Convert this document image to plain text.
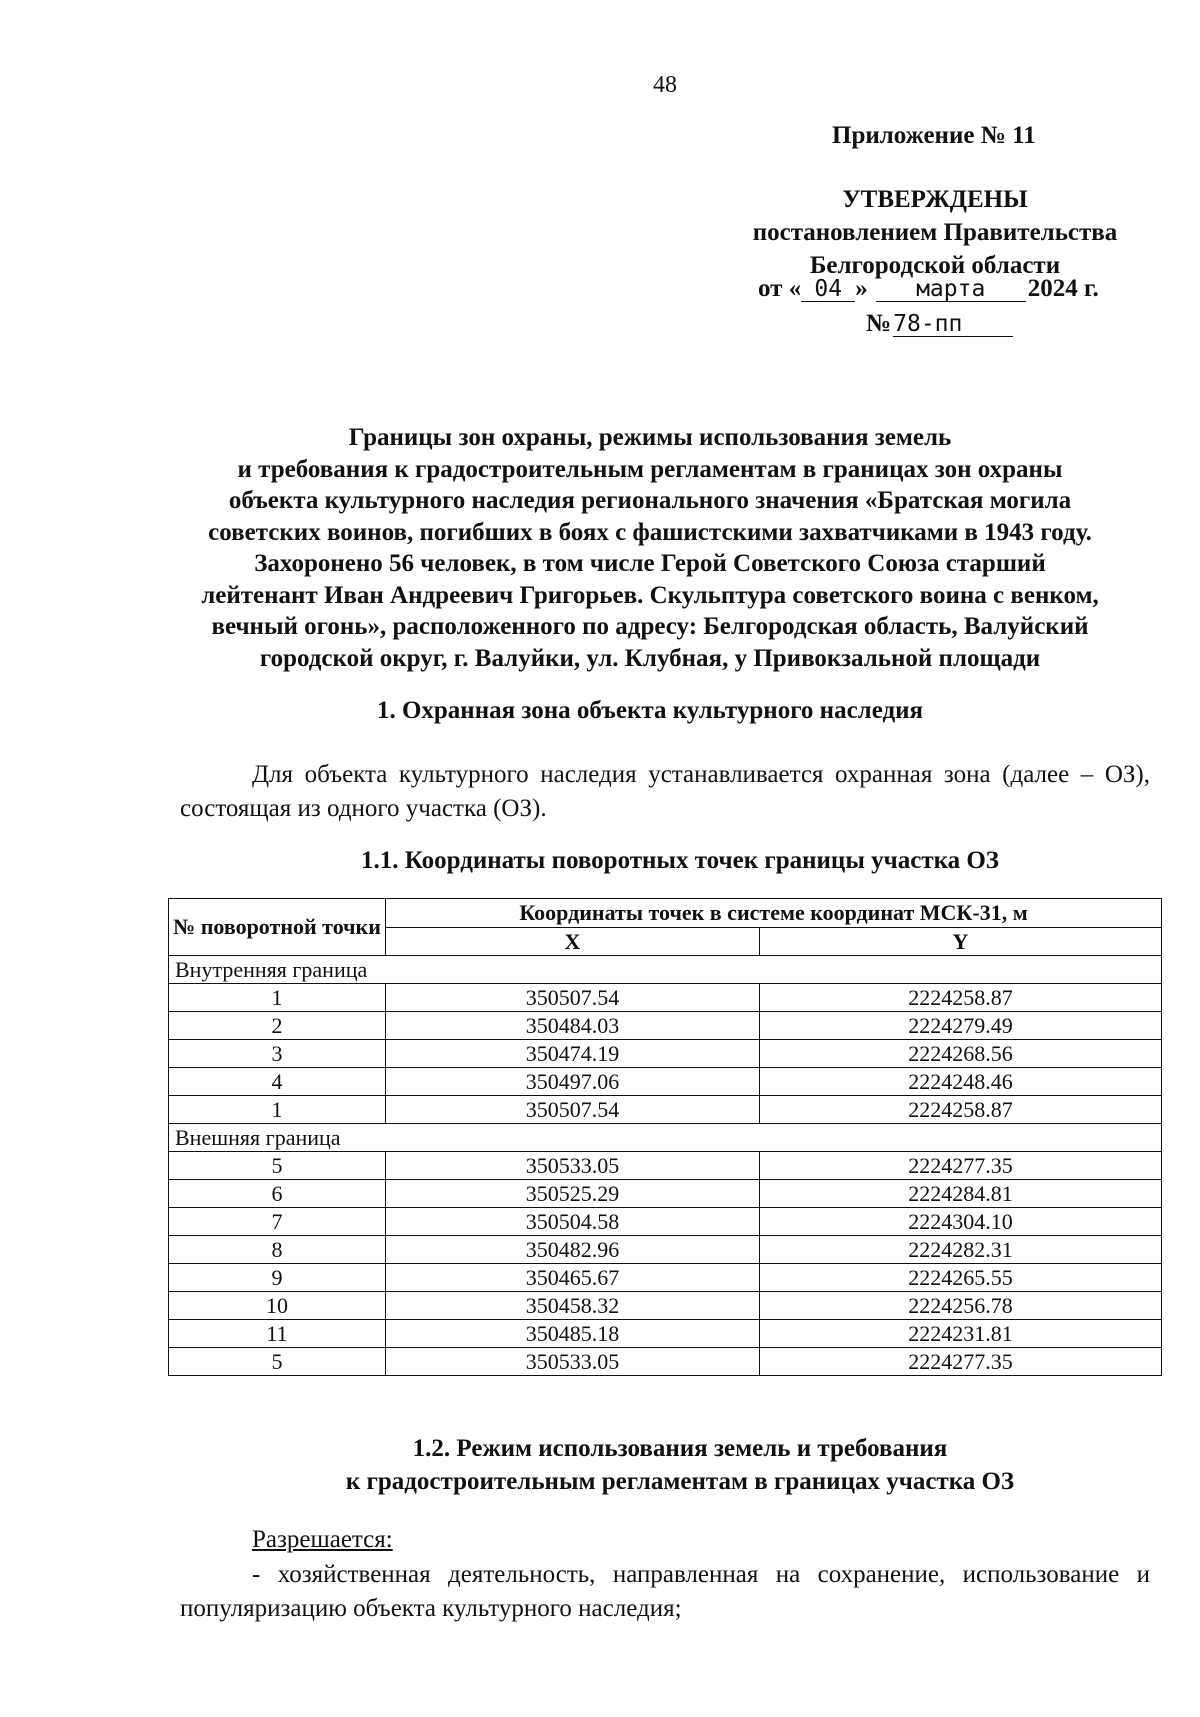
48
Приложение № 11
УТВЕРЖДЕНЫ
постановлением Правительства
Белгородской области
от « 04 » марта 2024 г.
№78-пп
Границы зон охраны, режимы использования земель
и требования к градостроительным регламентам в границах зон охраны
объекта культурного наследия регионального значения «Братская могила
советских воинов, погибших в боях с фашистскими захватчиками в 1943 году.
Захоронено 56 человек, в том числе Герой Советского Союза старший
лейтенант Иван Андреевич Григорьев. Скульптура советского воина с венком,
вечный огонь», расположенного по адресу: Белгородская область, Валуйский
городской округ, г. Валуйки, ул. Клубная, у Привокзальной площади
1. Охранная зона объекта культурного наследия
Для объекта культурного наследия устанавливается охранная зона (далее – ОЗ), состоящая из одного участка (ОЗ).
1.1. Координаты поворотных точек границы участка ОЗ
№ поворотной точки	Координаты точек в системе координат МСК-31, м	
	X	Y
Внутренняя граница		
1	350507.54	2224258.87
2	350484.03	2224279.49
3	350474.19	2224268.56
4	350497.06	2224248.46
1	350507.54	2224258.87
Внешняя граница		
5	350533.05	2224277.35
6	350525.29	2224284.81
7	350504.58	2224304.10
8	350482.96	2224282.31
9	350465.67	2224265.55
10	350458.32	2224256.78
11	350485.18	2224231.81
5	350533.05	2224277.35
1.2. Режим использования земель и требования
к градостроительным регламентам в границах участка ОЗ
Разрешается:
- хозяйственная деятельность, направленная на сохранение, использование и популяризацию объекта культурного наследия;
